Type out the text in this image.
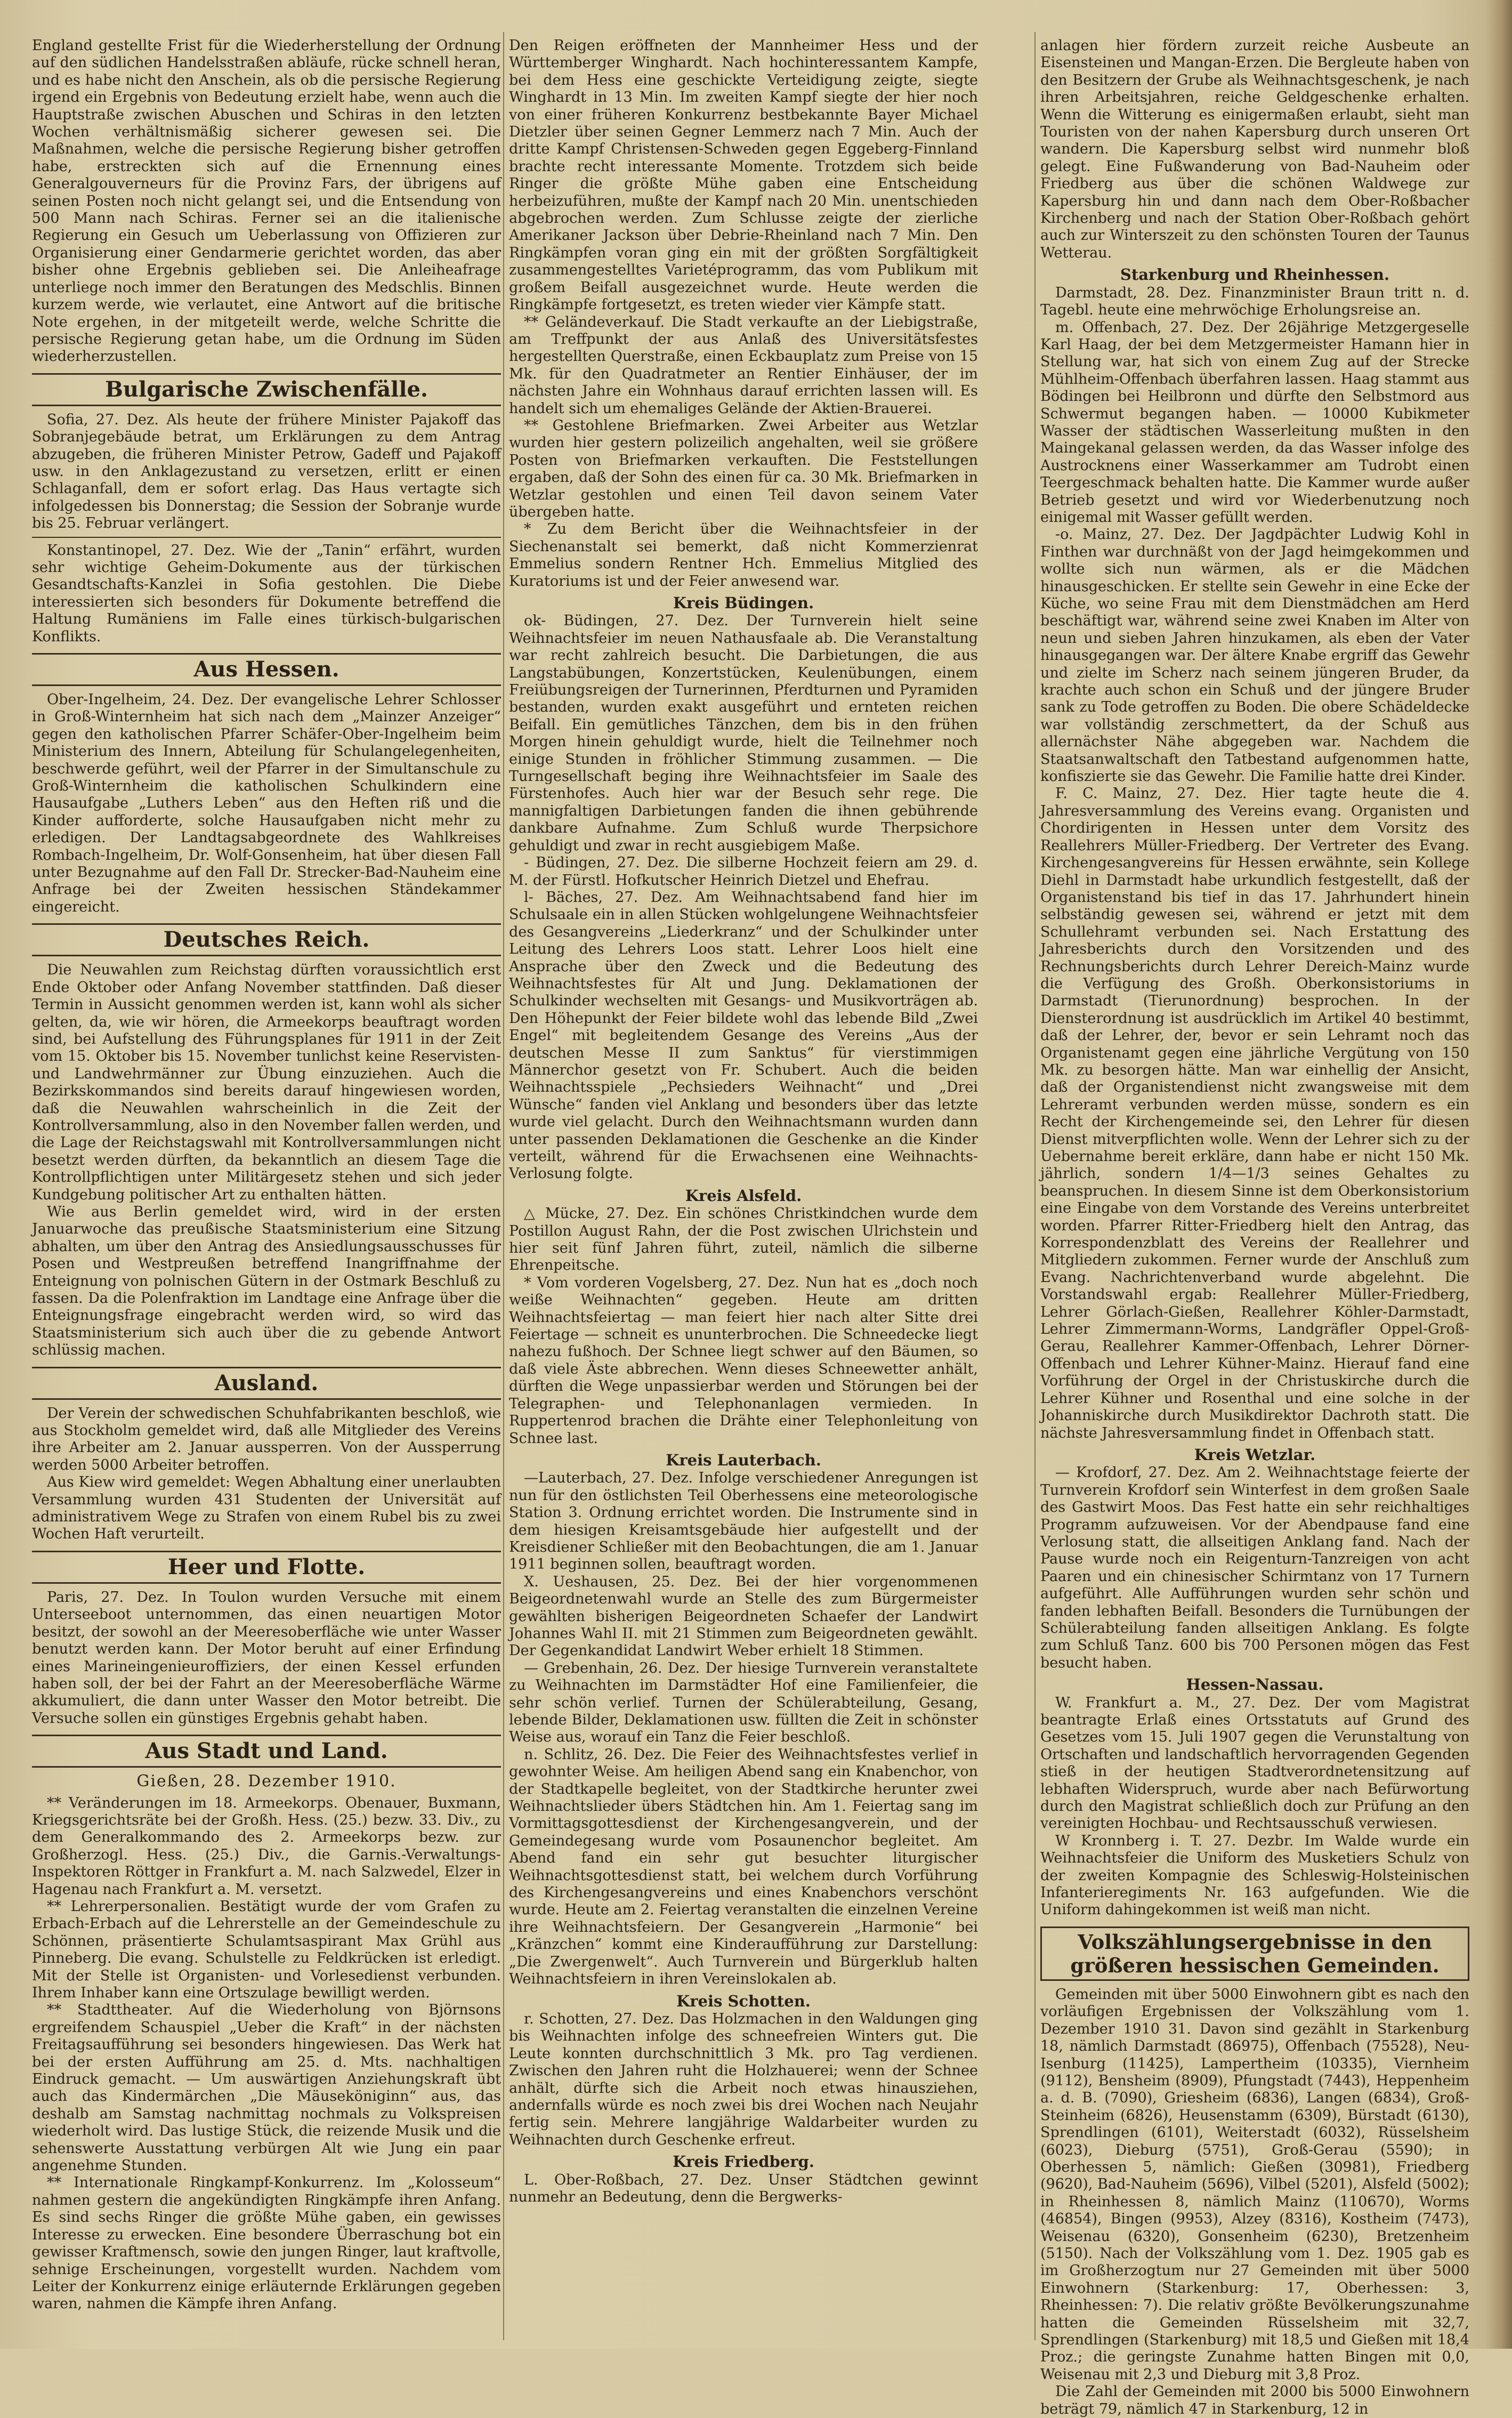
England gestellte Frist für die Wiederherstellung der Ordnung auf den südlichen Handelsstraßen abläufe, rücke schnell heran, und es habe nicht den Anschein, als ob die persische Regierung irgend ein Ergebnis von Bedeutung erzielt habe, wenn auch die Hauptstraße zwischen Abuschen und Schiras in den letzten Wochen verhältnismäßig sicherer gewesen sei. Die Maßnahmen, welche die persische Regierung bisher getroffen habe, erstreckten sich auf die Ernennung eines Generalgouverneurs für die Provinz Fars, der übrigens auf seinen Posten noch nicht gelangt sei, und die Entsendung von 500 Mann nach Schiras. Ferner sei an die italienische Regierung ein Gesuch um Ueberlassung von Offizieren zur Organisierung einer Gendarmerie gerichtet worden, das aber bisher ohne Ergebnis geblieben sei. Die Anleiheafrage unterliege noch immer den Beratungen des Medschlis. Binnen kurzem werde, wie verlautet, eine Antwort auf die britische Note ergehen, in der mitgeteilt werde, welche Schritte die persische Regierung getan habe, um die Ordnung im Süden wiederherzustellen.

Bulgarische Zwischenfälle.

Sofia, 27. Dez. Als heute der frühere Minister Pajakoff das Sobranjegebäude betrat, um Erklärungen zu dem Antrag abzugeben, die früheren Minister Petrow, Gadeff und Pajakoff usw. in den Anklagezustand zu versetzen, erlitt er einen Schlaganfall, dem er sofort erlag. Das Haus vertagte sich infolgedessen bis Donnerstag; die Session der Sobranje wurde bis 25. Februar verlängert.

Konstantinopel, 27. Dez. Wie der „Tanin“ erfährt, wurden sehr wichtige Geheim-Dokumente aus der türkischen Gesandtschafts-Kanzlei in Sofia gestohlen. Die Diebe interessierten sich besonders für Dokumente betreffend die Haltung Rumäniens im Falle eines türkisch-bulgarischen Konflikts.

Aus Hessen.

Ober-Ingelheim, 24. Dez. Der evangelische Lehrer Schlosser in Groß-Winternheim hat sich nach dem „Mainzer Anzeiger“ gegen den katholischen Pfarrer Schäfer-Ober-Ingelheim beim Ministerium des Innern, Abteilung für Schulangelegenheiten, beschwerde geführt, weil der Pfarrer in der Simultanschule zu Groß-Winternheim die katholischen Schulkindern eine Hausaufgabe „Luthers Leben“ aus den Heften riß und die Kinder aufforderte, solche Hausaufgaben nicht mehr zu erledigen. Der Landtagsabgeordnete des Wahlkreises Rombach-Ingelheim, Dr. Wolf-Gonsenheim, hat über diesen Fall unter Bezugnahme auf den Fall Dr. Strecker-Bad-Nauheim eine Anfrage bei der Zweiten hessischen Ständekammer eingereicht.

Deutsches Reich.

Die Neuwahlen zum Reichstag dürften voraussichtlich erst Ende Oktober oder Anfang November stattfinden. Daß dieser Termin in Aussicht genommen werden ist, kann wohl als sicher gelten, da, wie wir hören, die Armeekorps beauftragt worden sind, bei Aufstellung des Führungsplanes für 1911 in der Zeit vom 15. Oktober bis 15. November tunlichst keine Reservisten- und Landwehrmänner zur Übung einzuziehen. Auch die Bezirkskommandos sind bereits darauf hingewiesen worden, daß die Neuwahlen wahrscheinlich in die Zeit der Kontrollversammlung, also in den November fallen werden, und die Lage der Reichstagswahl mit Kontrollversammlungen nicht besetzt werden dürften, da bekanntlich an diesem Tage die Kontrollpflichtigen unter Militärgesetz stehen und sich jeder Kundgebung politischer Art zu enthalten hätten.

Wie aus Berlin gemeldet wird, wird in der ersten Januarwoche das preußische Staatsministerium eine Sitzung abhalten, um über den Antrag des Ansiedlungsausschusses für Posen und Westpreußen betreffend Inangriffnahme der Enteignung von polnischen Gütern in der Ostmark Beschluß zu fassen. Da die Polenfraktion im Landtage eine Anfrage über die Enteignungsfrage eingebracht werden wird, so wird das Staatsministerium sich auch über die zu gebende Antwort schlüssig machen.

Ausland.

Der Verein der schwedischen Schuhfabrikanten beschloß, wie aus Stockholm gemeldet wird, daß alle Mitglieder des Vereins ihre Arbeiter am 2. Januar aussperren. Von der Aussperrung werden 5000 Arbeiter betroffen.

Aus Kiew wird gemeldet: Wegen Abhaltung einer unerlaubten Versammlung wurden 431 Studenten der Universität auf administrativem Wege zu Strafen von einem Rubel bis zu zwei Wochen Haft verurteilt.

Heer und Flotte.

Paris, 27. Dez. In Toulon wurden Versuche mit einem Unterseeboot unternommen, das einen neuartigen Motor besitzt, der sowohl an der Meeresoberfläche wie unter Wasser benutzt werden kann. Der Motor beruht auf einer Erfindung eines Marineingenieuroffiziers, der einen Kessel erfunden haben soll, der bei der Fahrt an der Meeresoberfläche Wärme akkumuliert, die dann unter Wasser den Motor betreibt. Die Versuche sollen ein günstiges Ergebnis gehabt haben.

Aus Stadt und Land.
Gießen, 28. Dezember 1910.

** Veränderungen im 18. Armeekorps. Obenauer, Buxmann, Kriegsgerichtsräte bei der Großh. Hess. (25.) bezw. 33. Div., zu dem Generalkommando des 2. Armeekorps bezw. zur Großherzogl. Hess. (25.) Div., die Garnis.-Verwaltungs-Inspektoren Röttger in Frankfurt a. M. nach Salzwedel, Elzer in Hagenau nach Frankfurt a. M. versetzt.

** Lehrerpersonalien. Bestätigt wurde der vom Grafen zu Erbach-Erbach auf die Lehrerstelle an der Gemeindeschule zu Schönnen, präsentierte Schulamtsaspirant Max Grühl aus Pinneberg. Die evang. Schulstelle zu Feldkrücken ist erledigt. Mit der Stelle ist Organisten- und Vorlesedienst verbunden. Ihrem Inhaber kann eine Ortszulage bewilligt werden.

** Stadttheater. Auf die Wiederholung von Björnsons ergreifendem Schauspiel „Ueber die Kraft“ in der nächsten Freitagsaufführung sei besonders hingewiesen. Das Werk hat bei der ersten Aufführung am 25. d. Mts. nachhaltigen Eindruck gemacht. — Um auswärtigen Anziehungskraft übt auch das Kindermärchen „Die Mäuseköniginn“ aus, das deshalb am Samstag nachmittag nochmals zu Volkspreisen wiederholt wird. Das lustige Stück, die reizende Musik und die sehenswerte Ausstattung verbürgen Alt wie Jung ein paar angenehme Stunden.

** Internationale Ringkampf-Konkurrenz. Im „Kolosseum“ nahmen gestern die angekündigten Ringkämpfe ihren Anfang. Es sind sechs Ringer die größte Mühe gaben, ein gewisses Interesse zu erwecken. Eine besondere Überraschung bot ein gewisser Kraftmensch, sowie den jungen Ringer, laut kraftvolle, sehnige Erscheinungen, vorgestellt wurden. Nachdem vom Leiter der Konkurrenz einige erläuternde Erklärungen gegeben waren, nahmen die Kämpfe ihren Anfang.

Den Reigen eröffneten der Mannheimer Hess und der Württemberger Winghardt. Nach hochinteressantem Kampfe, bei dem Hess eine geschickte Verteidigung zeigte, siegte Winghardt in 13 Min. Im zweiten Kampf siegte der hier noch von einer früheren Konkurrenz bestbekannte Bayer Michael Dietzler über seinen Gegner Lemmerz nach 7 Min. Auch der dritte Kampf Christensen-Schweden gegen Eggeberg-Finnland brachte recht interessante Momente. Trotzdem sich beide Ringer die größte Mühe gaben eine Entscheidung herbeizuführen, mußte der Kampf nach 20 Min. unentschieden abgebrochen werden. Zum Schlusse zeigte der zierliche Amerikaner Jackson über Debrie-Rheinland nach 7 Min. Den Ringkämpfen voran ging ein mit der größten Sorgfältigkeit zusammengestelltes Varietéprogramm, das vom Publikum mit großem Beifall ausgezeichnet wurde. Heute werden die Ringkämpfe fortgesetzt, es treten wieder vier Kämpfe statt.

** Geländeverkauf. Die Stadt verkaufte an der Liebigstraße, am Treffpunkt der aus Anlaß des Universitätsfestes hergestellten Querstraße, einen Eckbauplatz zum Preise von 15 Mk. für den Quadratmeter an Rentier Einhäuser, der im nächsten Jahre ein Wohnhaus darauf errichten lassen will. Es handelt sich um ehemaliges Gelände der Aktien-Brauerei.

** Gestohlene Briefmarken. Zwei Arbeiter aus Wetzlar wurden hier gestern polizeilich angehalten, weil sie größere Posten von Briefmarken verkauften. Die Feststellungen ergaben, daß der Sohn des einen für ca. 30 Mk. Briefmarken in Wetzlar gestohlen und einen Teil davon seinem Vater übergeben hatte.

* Zu dem Bericht über die Weihnachtsfeier in der Siechenanstalt sei bemerkt, daß nicht Kommerzienrat Emmelius sondern Rentner Hch. Emmelius Mitglied des Kuratoriums ist und der Feier anwesend war.

Kreis Büdingen.

ok- Büdingen, 27. Dez. Der Turnverein hielt seine Weihnachtsfeier im neuen Nathausfaale ab. Die Veranstaltung war recht zahlreich besucht. Die Darbietungen, die aus Langstabübungen, Konzertstücken, Keulenübungen, einem Freiübungsreigen der Turnerinnen, Pferdturnen und Pyramiden bestanden, wurden exakt ausgeführt und ernteten reichen Beifall. Ein gemütliches Tänzchen, dem bis in den frühen Morgen hinein gehuldigt wurde, hielt die Teilnehmer noch einige Stunden in fröhlicher Stimmung zusammen. — Die Turngesellschaft beging ihre Weihnachtsfeier im Saale des Fürstenhofes. Auch hier war der Besuch sehr rege. Die mannigfaltigen Darbietungen fanden die ihnen gebührende dankbare Aufnahme. Zum Schluß wurde Therpsichore gehuldigt und zwar in recht ausgiebigem Maße.

- Büdingen, 27. Dez. Die silberne Hochzeit feiern am 29. d. M. der Fürstl. Hofkutscher Heinrich Dietzel und Ehefrau.

l- Bäches, 27. Dez. Am Weihnachtsabend fand hier im Schulsaale ein in allen Stücken wohlgelungene Weihnachtsfeier des Gesangvereins „Liederkranz“ und der Schulkinder unter Leitung des Lehrers Loos statt. Lehrer Loos hielt eine Ansprache über den Zweck und die Bedeutung des Weihnachtsfestes für Alt und Jung. Deklamationen der Schulkinder wechselten mit Gesangs- und Musikvorträgen ab. Den Höhepunkt der Feier bildete wohl das lebende Bild „Zwei Engel“ mit begleitendem Gesange des Vereins „Aus der deutschen Messe II zum Sanktus“ für vierstimmigen Männerchor gesetzt von Fr. Schubert. Auch die beiden Weihnachtsspiele „Pechsieders Weihnacht“ und „Drei Wünsche“ fanden viel Anklang und besonders über das letzte wurde viel gelacht. Durch den Weihnachtsmann wurden dann unter passenden Deklamationen die Geschenke an die Kinder verteilt, während für die Erwachsenen eine Weihnachts-Verlosung folgte.

Kreis Alsfeld.

△ Mücke, 27. Dez. Ein schönes Christkindchen wurde dem Postillon August Rahn, der die Post zwischen Ulrichstein und hier seit fünf Jahren führt, zuteil, nämlich die silberne Ehrenpeitsche.

* Vom vorderen Vogelsberg, 27. Dez. Nun hat es „doch noch weiße Weihnachten“ gegeben. Heute am dritten Weihnachtsfeiertag — man feiert hier nach alter Sitte drei Feiertage — schneit es ununterbrochen. Die Schneedecke liegt nahezu fußhoch. Der Schnee liegt schwer auf den Bäumen, so daß viele Äste abbrechen. Wenn dieses Schneewetter anhält, dürften die Wege unpassierbar werden und Störungen bei der Telegraphen- und Telephonanlagen vermieden. In Ruppertenrod brachen die Drähte einer Telephonleitung von Schnee last.

Kreis Lauterbach.

—Lauterbach, 27. Dez. Infolge verschiedener Anregungen ist nun für den östlichsten Teil Oberhessens eine meteorologische Station 3. Ordnung errichtet worden. Die Instrumente sind in dem hiesigen Kreisamtsgebäude hier aufgestellt und der Kreisdiener Schließer mit den Beobachtungen, die am 1. Januar 1911 beginnen sollen, beauftragt worden.

X. Ueshausen, 25. Dez. Bei der hier vorgenommenen Beigeordnetenwahl wurde an Stelle des zum Bürgermeister gewählten bisherigen Beigeordneten Schaefer der Landwirt Johannes Wahl II. mit 21 Stimmen zum Beigeordneten gewählt. Der Gegenkandidat Landwirt Weber erhielt 18 Stimmen.

— Grebenhain, 26. Dez. Der hiesige Turnverein veranstaltete zu Weihnachten im Darmstädter Hof eine Familienfeier, die sehr schön verlief. Turnen der Schülerabteilung, Gesang, lebende Bilder, Deklamationen usw. füllten die Zeit in schönster Weise aus, worauf ein Tanz die Feier beschloß.

n. Schlitz, 26. Dez. Die Feier des Weihnachtsfestes verlief in gewohnter Weise. Am heiligen Abend sang ein Knabenchor, von der Stadtkapelle begleitet, von der Stadtkirche herunter zwei Weihnachtslieder übers Städtchen hin. Am 1. Feiertag sang im Vormittagsgottesdienst der Kirchengesangverein, und der Gemeindegesang wurde vom Posaunenchor begleitet. Am Abend fand ein sehr gut besuchter liturgischer Weihnachtsgottesdienst statt, bei welchem durch Vorführung des Kirchengesangvereins und eines Knabenchors verschönt wurde. Heute am 2. Feiertag veranstalten die einzelnen Vereine ihre Weihnachtsfeiern. Der Gesangverein „Harmonie“ bei „Kränzchen“ kommt eine Kinderaufführung zur Darstellung: „Die Zwergenwelt“. Auch Turnverein und Bürgerklub halten Weihnachtsfeiern in ihren Vereinslokalen ab.

Kreis Schotten.

r. Schotten, 27. Dez. Das Holzmachen in den Waldungen ging bis Weihnachten infolge des schneefreien Winters gut. Die Leute konnten durchschnittlich 3 Mk. pro Tag verdienen. Zwischen den Jahren ruht die Holzhauerei; wenn der Schnee anhält, dürfte sich die Arbeit noch etwas hinausziehen, andernfalls würde es noch zwei bis drei Wochen nach Neujahr fertig sein. Mehrere langjährige Waldarbeiter wurden zu Weihnachten durch Geschenke erfreut.

Kreis Friedberg.

L. Ober-Roßbach, 27. Dez. Unser Städtchen gewinnt nunmehr an Bedeutung, denn die Bergwerks-

anlagen hier fördern zurzeit reiche Ausbeute an Eisensteinen und Mangan-Erzen. Die Bergleute haben von den Besitzern der Grube als Weihnachtsgeschenk, je nach ihren Arbeitsjahren, reiche Geldgeschenke erhalten. Wenn die Witterung es einigermaßen erlaubt, sieht man Touristen von der nahen Kapersburg durch unseren Ort wandern. Die Kapersburg selbst wird nunmehr bloß gelegt. Eine Fußwanderung von Bad-Nauheim oder Friedberg aus über die schönen Waldwege zur Kapersburg hin und dann nach dem Ober-Roßbacher Kirchenberg und nach der Station Ober-Roßbach gehört auch zur Winterszeit zu den schönsten Touren der Taunus Wetterau.

Starkenburg und Rheinhessen.

Darmstadt, 28. Dez. Finanzminister Braun tritt n. d. Tagebl. heute eine mehrwöchige Erholungsreise an.

m. Offenbach, 27. Dez. Der 26jährige Metzgergeselle Karl Haag, der bei dem Metzgermeister Hamann hier in Stellung war, hat sich von einem Zug auf der Strecke Mühlheim-Offenbach überfahren lassen. Haag stammt aus Bödingen bei Heilbronn und dürfte den Selbstmord aus Schwermut begangen haben. — 10000 Kubikmeter Wasser der städtischen Wasserleitung mußten in den Maingekanal gelassen werden, da das Wasser infolge des Austrocknens einer Wasserkammer am Tudrobt einen Teergeschmack behalten hatte. Die Kammer wurde außer Betrieb gesetzt und wird vor Wiederbenutzung noch einigemal mit Wasser gefüllt werden.

-o. Mainz, 27. Dez. Der Jagdpächter Ludwig Kohl in Finthen war durchnäßt von der Jagd heimgekommen und wollte sich nun wärmen, als er die Mädchen hinausgeschicken. Er stellte sein Gewehr in eine Ecke der Küche, wo seine Frau mit dem Dienstmädchen am Herd beschäftigt war, während seine zwei Knaben im Alter von neun und sieben Jahren hinzukamen, als eben der Vater hinausgegangen war. Der ältere Knabe ergriff das Gewehr und zielte im Scherz nach seinem jüngeren Bruder, da krachte auch schon ein Schuß und der jüngere Bruder sank zu Tode getroffen zu Boden. Die obere Schädeldecke war vollständig zerschmettert, da der Schuß aus allernächster Nähe abgegeben war. Nachdem die Staatsanwaltschaft den Tatbestand aufgenommen hatte, konfiszierte sie das Gewehr. Die Familie hatte drei Kinder.

F. C. Mainz, 27. Dez. Hier tagte heute die 4. Jahresversammlung des Vereins evang. Organisten und Chordirigenten in Hessen unter dem Vorsitz des Reallehrers Müller-Friedberg. Der Vertreter des Evang. Kirchengesangvereins für Hessen erwähnte, sein Kollege Diehl in Darmstadt habe urkundlich festgestellt, daß der Organistenstand bis tief in das 17. Jahrhundert hinein selbständig gewesen sei, während er jetzt mit dem Schullehramt verbunden sei. Nach Erstattung des Jahresberichts durch den Vorsitzenden und des Rechnungsberichts durch Lehrer Dereich-Mainz wurde die Verfügung des Großh. Oberkonsistoriums in Darmstadt (Tierunordnung) besprochen. In der Diensterordnung ist ausdrücklich im Artikel 40 bestimmt, daß der Lehrer, der, bevor er sein Lehramt noch das Organistenamt gegen eine jährliche Vergütung von 150 Mk. zu besorgen hätte. Man war einhellig der Ansicht, daß der Organistendienst nicht zwangsweise mit dem Lehreramt verbunden werden müsse, sondern es ein Recht der Kirchengemeinde sei, den Lehrer für diesen Dienst mitverpflichten wolle. Wenn der Lehrer sich zu der Uebernahme bereit erkläre, dann habe er nicht 150 Mk. jährlich, sondern 1/4—1/3 seines Gehaltes zu beanspruchen. In diesem Sinne ist dem Oberkonsistorium eine Eingabe von dem Vorstande des Vereins unterbreitet worden. Pfarrer Ritter-Friedberg hielt den Antrag, das Korrespondenzblatt des Vereins der Reallehrer und Mitgliedern zukommen. Ferner wurde der Anschluß zum Evang. Nachrichtenverband wurde abgelehnt. Die Vorstandswahl ergab: Reallehrer Müller-Friedberg, Lehrer Görlach-Gießen, Reallehrer Köhler-Darmstadt, Lehrer Zimmermann-Worms, Landgräfler Oppel-Groß-Gerau, Reallehrer Kammer-Offenbach, Lehrer Dörner-Offenbach und Lehrer Kühner-Mainz. Hierauf fand eine Vorführung der Orgel in der Christuskirche durch die Lehrer Kühner und Rosenthal und eine solche in der Johanniskirche durch Musikdirektor Dachroth statt. Die nächste Jahresversammlung findet in Offenbach statt.

Kreis Wetzlar.

— Krofdorf, 27. Dez. Am 2. Weihnachtstage feierte der Turnverein Krofdorf sein Winterfest in dem großen Saale des Gastwirt Moos. Das Fest hatte ein sehr reichhaltiges Programm aufzuweisen. Vor der Abendpause fand eine Verlosung statt, die allseitigen Anklang fand. Nach der Pause wurde noch ein Reigenturn-Tanzreigen von acht Paaren und ein chinesischer Schirmtanz von 17 Turnern aufgeführt. Alle Aufführungen wurden sehr schön und fanden lebhaften Beifall. Besonders die Turnübungen der Schülerabteilung fanden allseitigen Anklang. Es folgte zum Schluß Tanz. 600 bis 700 Personen mögen das Fest besucht haben.

Hessen-Nassau.

W. Frankfurt a. M., 27. Dez. Der vom Magistrat beantragte Erlaß eines Ortsstatuts auf Grund des Gesetzes vom 15. Juli 1907 gegen die Verunstaltung von Ortschaften und landschaftlich hervorragenden Gegenden stieß in der heutigen Stadtverordnetensitzung auf lebhaften Widerspruch, wurde aber nach Befürwortung durch den Magistrat schließlich doch zur Prüfung an den vereinigten Hochbau- und Rechtsausschuß verwiesen.

W Kronnberg i. T. 27. Dezbr. Im Walde wurde ein Weihnachtsfeier die Uniform des Musketiers Schulz von der zweiten Kompagnie des Schleswig-Holsteinischen Infanterieregiments Nr. 163 aufgefunden. Wie die Uniform dahingekommen ist weiß man nicht.

Volkszählungsergebnisse in den größeren hessischen Gemeinden.

Gemeinden mit über 5000 Einwohnern gibt es nach den vorläufigen Ergebnissen der Volkszählung vom 1. Dezember 1910 31. Davon sind gezählt in Starkenburg 18, nämlich Darmstadt (86975), Offenbach (75528), Neu-Isenburg (11425), Lampertheim (10335), Viernheim (9112), Bensheim (8909), Pfungstadt (7443), Heppenheim a. d. B. (7090), Griesheim (6836), Langen (6834), Groß-Steinheim (6826), Heusenstamm (6309), Bürstadt (6130), Sprendlingen (6101), Weiterstadt (6032), Rüsselsheim (6023), Dieburg (5751), Groß-Gerau (5590); in Oberhessen 5, nämlich: Gießen (30981), Friedberg (9620), Bad-Nauheim (5696), Vilbel (5201), Alsfeld (5002); in Rheinhessen 8, nämlich Mainz (110670), Worms (46854), Bingen (9953), Alzey (8316), Kostheim (7473), Weisenau (6320), Gonsenheim (6230), Bretzenheim (5150). Nach der Volkszählung vom 1. Dez. 1905 gab es im Großherzogtum nur 27 Gemeinden mit über 5000 Einwohnern (Starkenburg: 17, Oberhessen: 3, Rheinhessen: 7). Die relativ größte Bevölkerungszunahme hatten die Gemeinden Rüsselsheim mit 32,7, Sprendlingen (Starkenburg) mit 18,5 und Gießen mit 18,4 Proz.; die geringste Zunahme hatten Bingen mit 0,0, Weisenau mit 2,3 und Dieburg mit 3,8 Proz.

Die Zahl der Gemeinden mit 2000 bis 5000 Einwohnern beträgt 79, nämlich 47 in Starkenburg, 12 in
